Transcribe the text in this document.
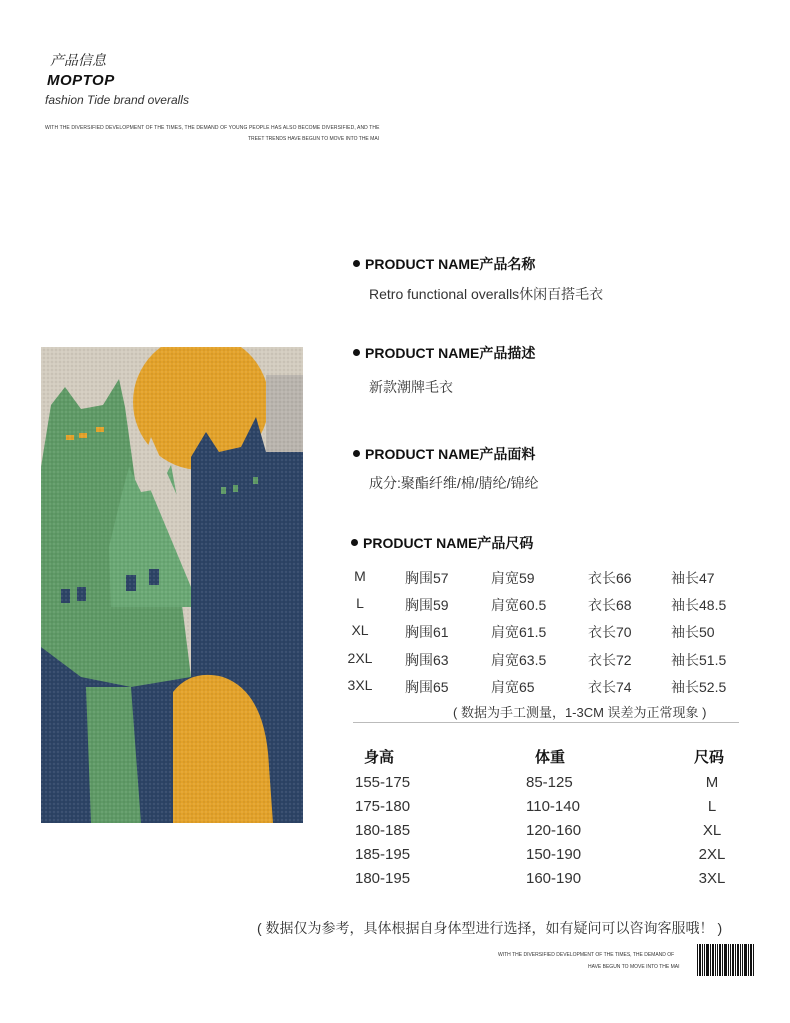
产品信息
MOPTOP
fashion Tide brand overalls
WITH THE DIVERSIFIED DEVELOPMENT OF THE TIMES, THE DEMAND OF YOUNG PEOPLE HAS ALSO BECOME DIVERSIFIED, AND THE
TREET TRENDS HAVE BEGUN TO MOVE INTO THE MAI
PRODUCT NAME产品名称
Retro functional overalls休闲百搭毛衣
PRODUCT NAME产品描述
新款潮牌毛衣
PRODUCT NAME产品面料
成分:聚酯纤维/棉/腈纶/锦纶
PRODUCT NAME产品尺码
M	胸围57	肩宽59	衣长66	袖长47
L	胸围59	肩宽60.5	衣长68	袖长48.5
XL	胸围61	肩宽61.5	衣长70	袖长50
2XL 胸围63	肩宽63.5	衣长72	袖长51.5
3XL 胸围65	肩宽65	衣长74	袖长52.5
( 数据为手工测量，1-3CM 误差为正常现象 )
身高	体重	尺码
155-175	85-125	M
175-180	110-140	L
180-185	120-160	XL
185-195	150-190	2XL
180-195	160-190	3XL
( 数据仅为参考，具体根据自身体型进行选择，如有疑问可以咨询客服哦！ )
WITH THE DIVERSIFIED DEVELOPMENT OF THE TIMES, THE DEMAND OF
HAVE BEGUN TO MOVE INTO THE MAI
